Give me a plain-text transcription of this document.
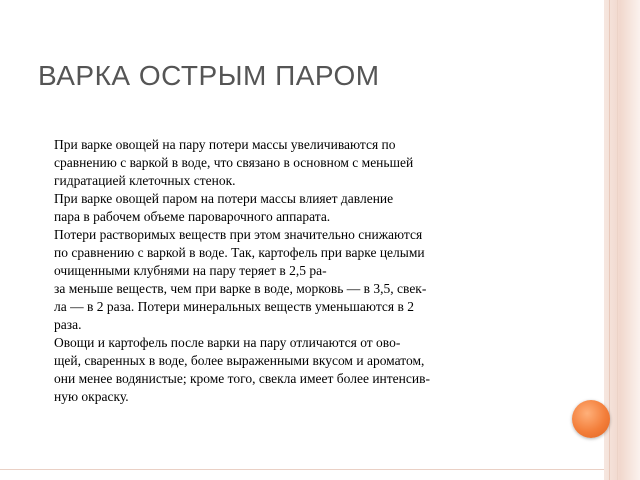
ВАРКА ОСТРЫМ ПАРОМ
При варке овощей на пару потери массы увеличиваются по
сравнению с варкой в воде, что связано в основном с меньшей
гидратацией клеточных стенок.
При варке овощей паром на потери массы влияет давление
пара в рабочем объеме пароварочного аппарата.
Потери растворимых веществ при этом значительно снижаются
по сравнению с варкой в воде. Так, картофель при варке целыми
очищенными клубнями на пару теряет в 2,5 ра-
за меньше веществ, чем при варке в воде, морковь — в 3,5, свек-
ла — в 2 раза. Потери минеральных веществ уменьшаются в 2
раза.
Овощи и картофель после варки на пару отличаются от ово-
щей, сваренных в воде, более выраженными вкусом и ароматом,
они менее водянистые; кроме того, свекла имеет более интенсив-
ную окраску.
